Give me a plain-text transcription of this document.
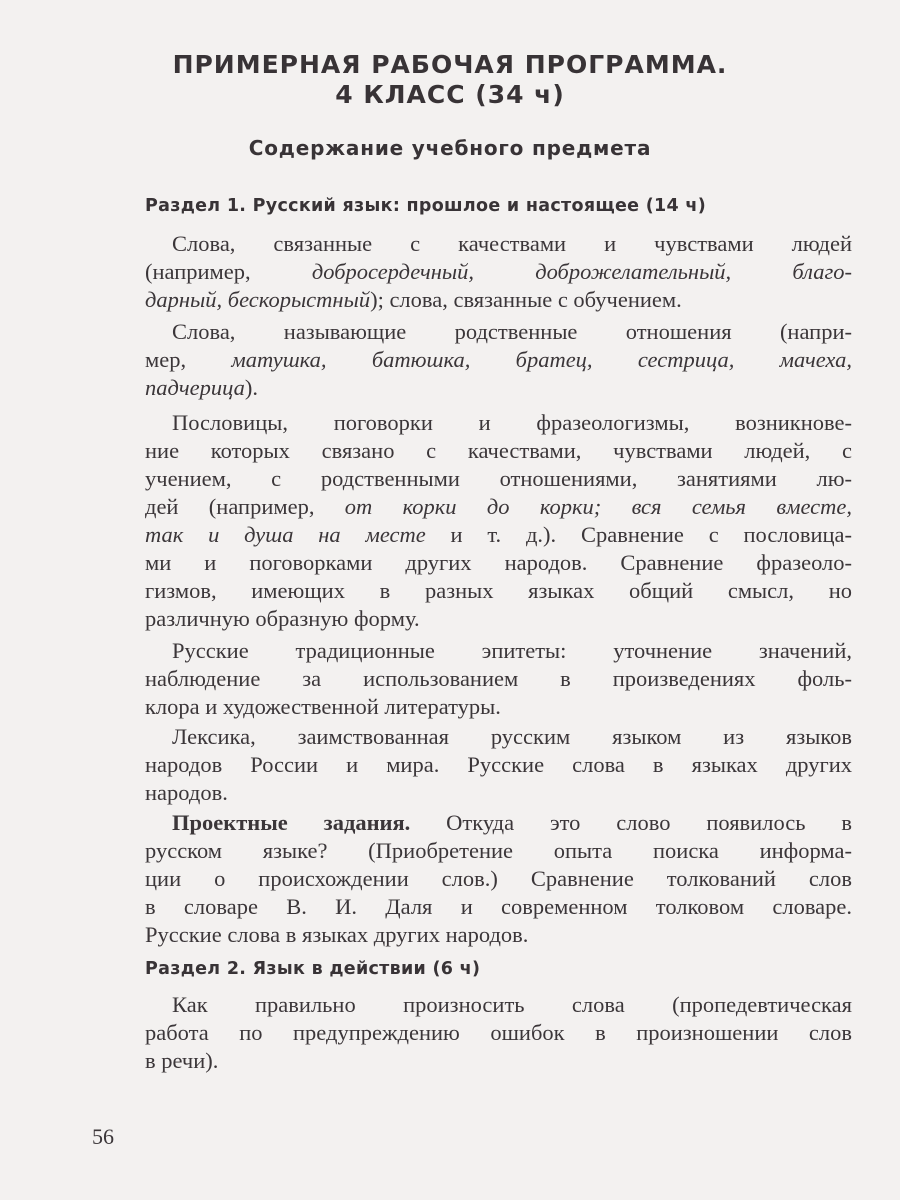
ПРИМЕРНАЯ РАБОЧАЯ ПРОГРАММА.
4 КЛАСС (34 ч)
Содержание учебного предмета
Раздел 1. Русский язык: прошлое и настоящее (14 ч)
Слова, связанные с качествами и чувствами людей
(например, добросердечный, доброжелательный, благо-
дарный, бескорыстный); слова, связанные с обучением.
Слова, называющие родственные отношения (напри-
мер, матушка, батюшка, братец, сестрица, мачеха,
падчерица).
Пословицы, поговорки и фразеологизмы, возникнове-
ние которых связано с качествами, чувствами людей, с
учением, с родственными отношениями, занятиями лю-
дей (например, от корки до корки; вся семья вместе,
так и душа на месте и т. д.). Сравнение с пословица-
ми и поговорками других народов. Сравнение фразеоло-
гизмов, имеющих в разных языках общий смысл, но
различную образную форму.
Русские традиционные эпитеты: уточнение значений,
наблюдение за использованием в произведениях фоль-
клора и художественной литературы.
Лексика, заимствованная русским языком из языков
народов России и мира. Русские слова в языках других
народов.
Проектные задания. Откуда это слово появилось в
русском языке? (Приобретение опыта поиска информа-
ции о происхождении слов.) Сравнение толкований слов
в словаре В. И. Даля и современном толковом словаре.
Русские слова в языках других народов.
Раздел 2. Язык в действии (6 ч)
Как правильно произносить слова (пропедевтическая
работа по предупреждению ошибок в произношении слов
в речи).
56
